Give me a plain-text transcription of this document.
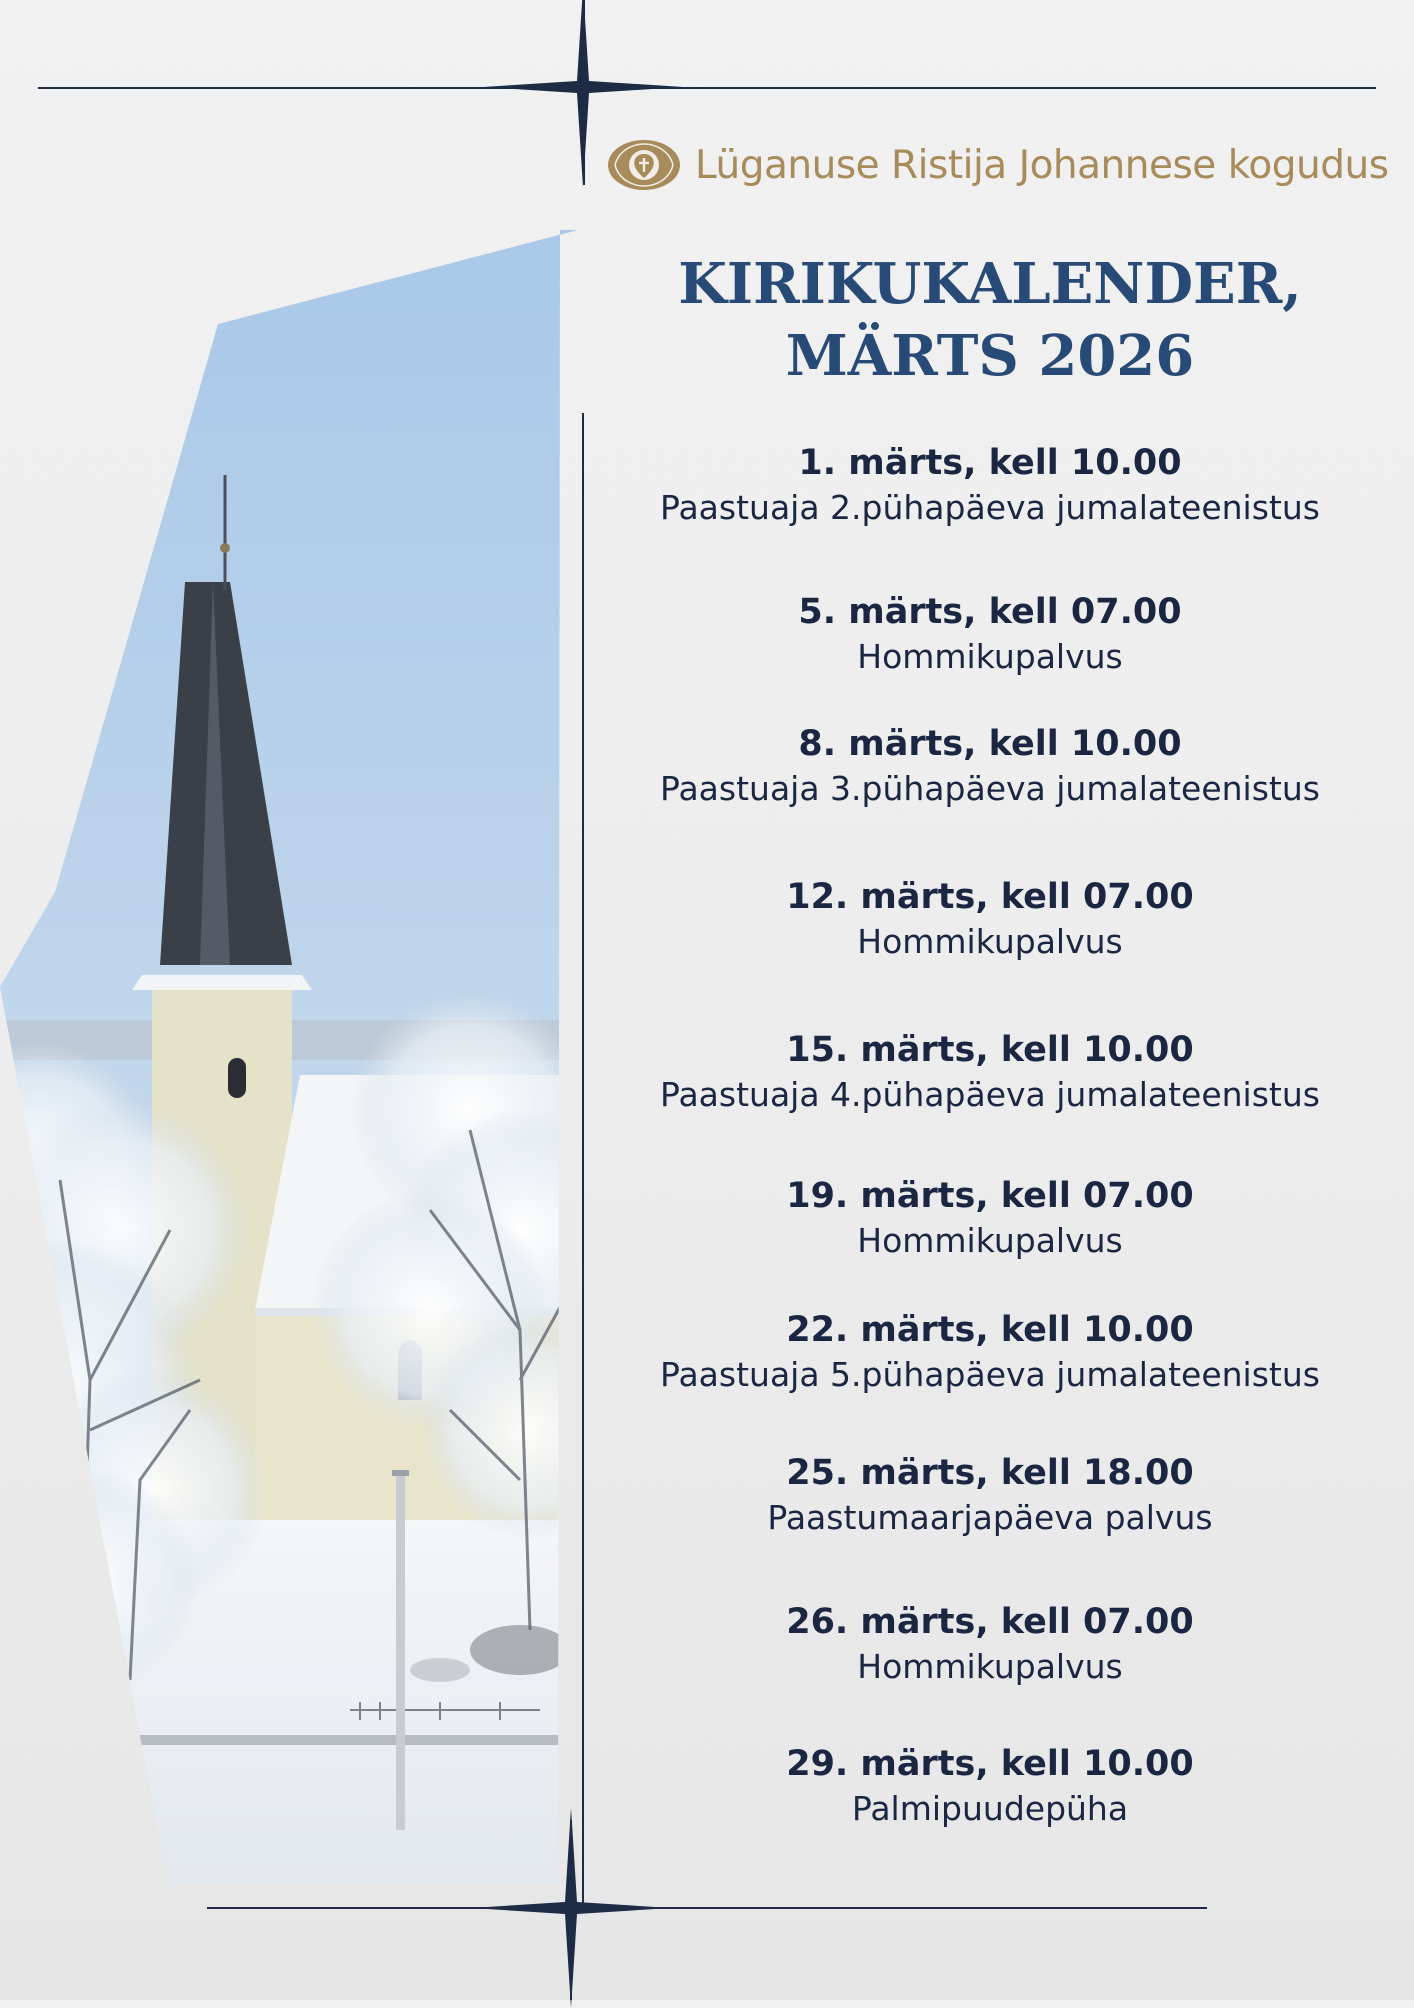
Lüganuse Ristija Johannese kogudus
KIRIKUKALENDER,
MÄRTS 2026
1. märts, kell 10.00
Paastuaja 2.pühapäeva jumalateenistus
5. märts, kell 07.00
Hommikupalvus
8. märts, kell 10.00
Paastuaja 3.pühapäeva jumalateenistus
12. märts, kell 07.00
Hommikupalvus
15. märts, kell 10.00
Paastuaja 4.pühapäeva jumalateenistus
19. märts, kell 07.00
Hommikupalvus
22. märts, kell 10.00
Paastuaja 5.pühapäeva jumalateenistus
25. märts, kell 18.00
Paastumaarjapäeva palvus
26. märts, kell 07.00
Hommikupalvus
29. märts, kell 10.00
Palmipuudepüha
